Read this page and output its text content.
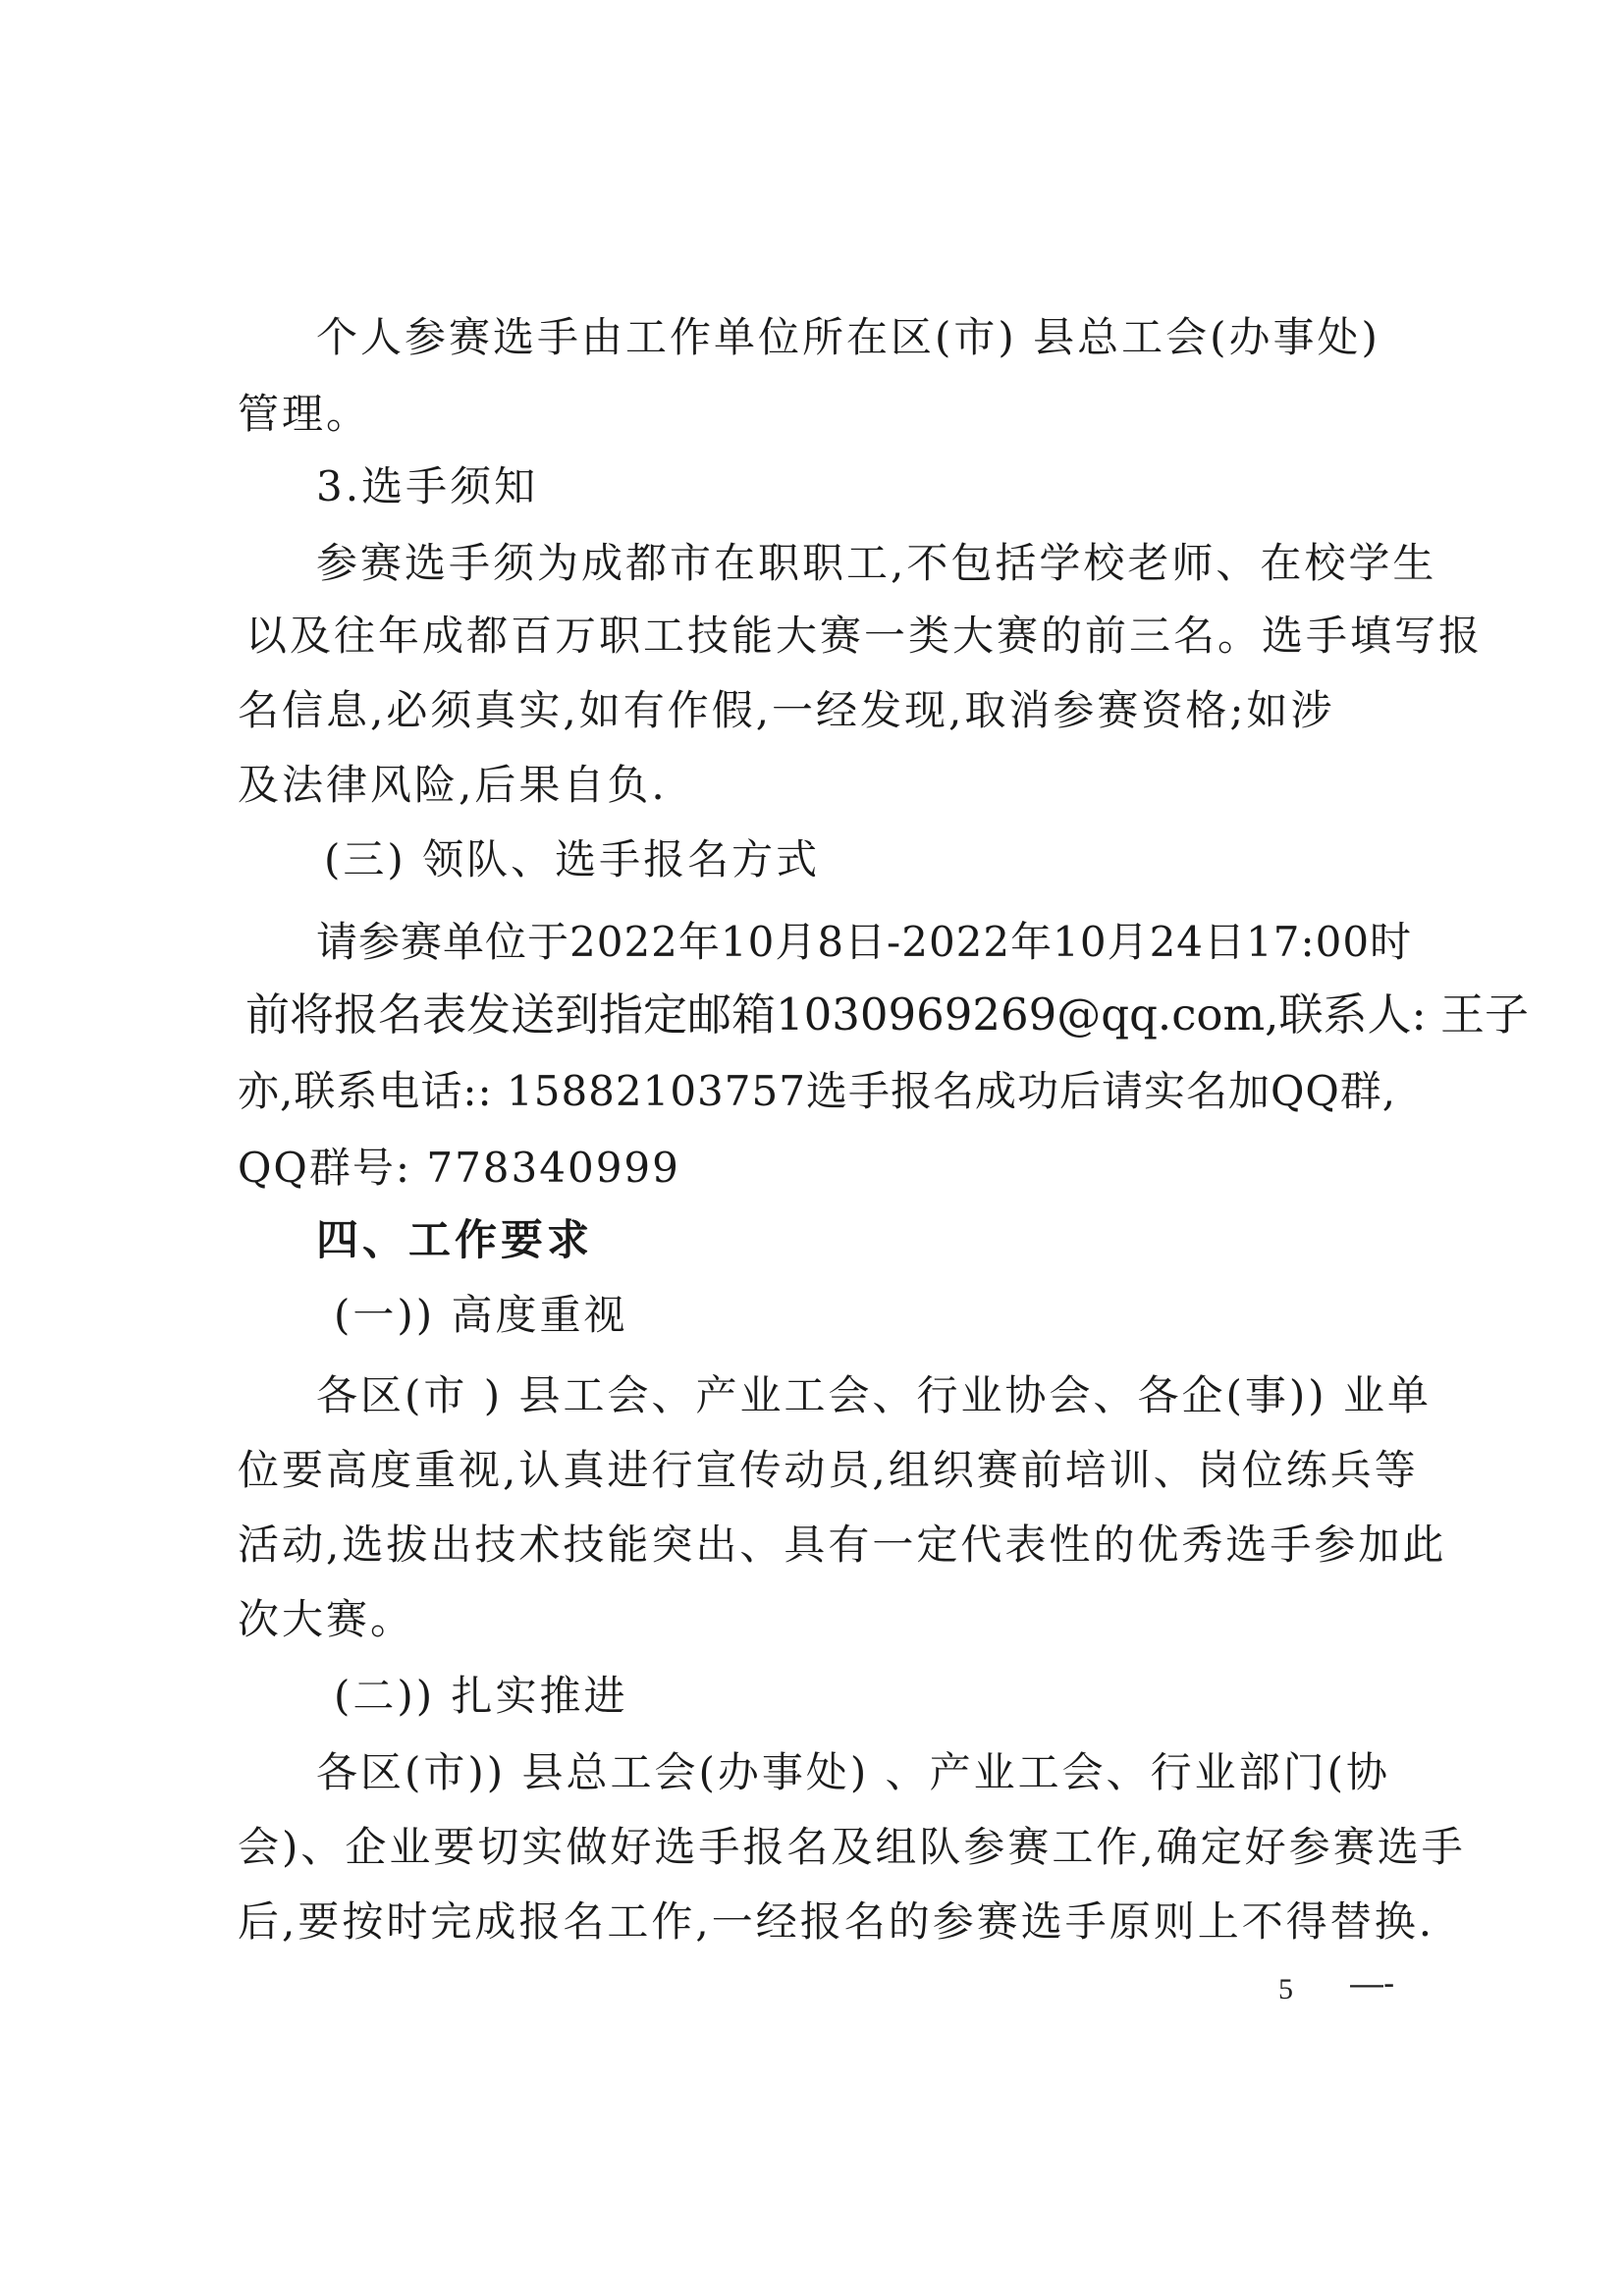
个人参赛选手由工作单位所在区(市) 县总工会(办事处)
管理。
3.选手须知
参赛选手须为成都市在职职工,不包括学校老师、在校学生
以及往年成都百万职工技能大赛一类大赛的前三名。选手填写报
名信息,必须真实,如有作假,一经发现,取消参赛资格;如涉
及法律风险,后果自负.
(三) 领队、选手报名方式
请参赛单位于2022年10月8日-2022年10月24日17:00时
前将报名表发送到指定邮箱1030969269@qq.com,联系人: 王子
亦,联系电话:: 15882103757选手报名成功后请实名加QQ群,
QQ群号: 778340999
四、工作要求
(一)) 高度重视
各区(市 ) 县工会、产业工会、行业协会、各企(事)) 业单
位要高度重视,认真进行宣传动员,组织赛前培训、岗位练兵等
活动,选拔出技术技能突出、具有一定代表性的优秀选手参加此
次大赛。
(二)) 扎实推进
各区(市)) 县总工会(办事处) 、产业工会、行业部门(协
会)、企业要切实做好选手报名及组队参赛工作,确定好参赛选手
后,要按时完成报名工作,一经报名的参赛选手原则上不得替换.
5 —-
